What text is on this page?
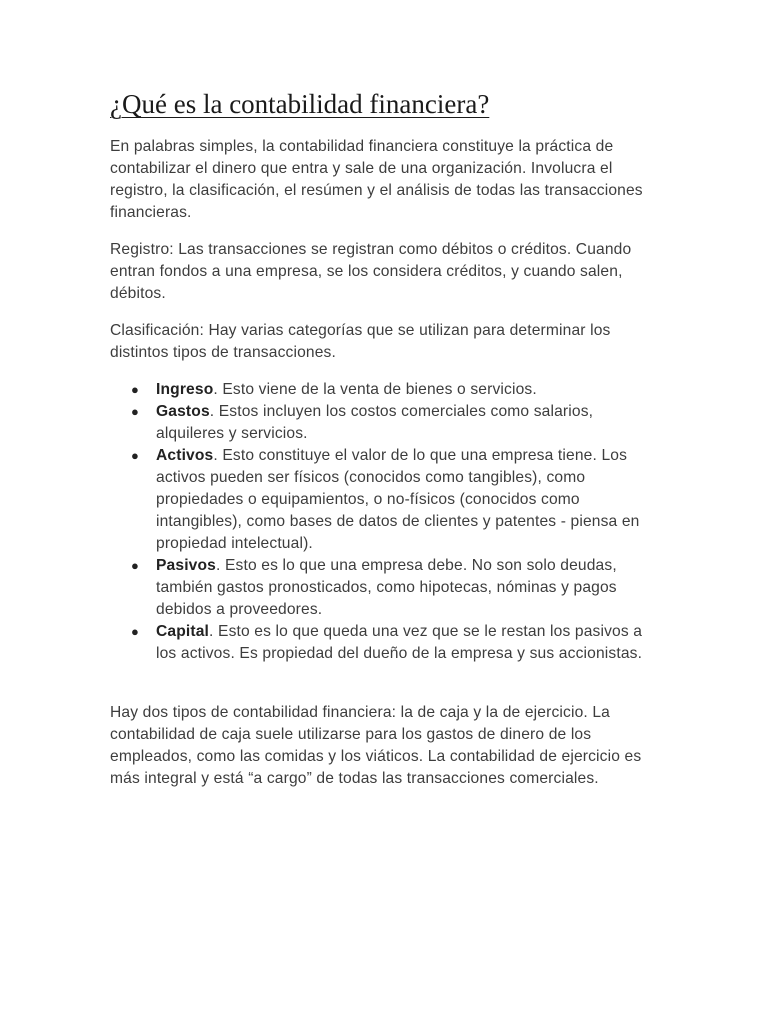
¿Qué es la contabilidad financiera?

En palabras simples, la contabilidad financiera constituye la práctica de contabilizar el dinero que entra y sale de una organización. Involucra el registro, la clasificación, el resúmen y el análisis de todas las transacciones financieras.

Registro: Las transacciones se registran como débitos o créditos. Cuando entran fondos a una empresa, se los considera créditos, y cuando salen, débitos.

Clasificación: Hay varias categorías que se utilizan para determinar los distintos tipos de transacciones.

● Ingreso. Esto viene de la venta de bienes o servicios.
● Gastos. Estos incluyen los costos comerciales como salarios, alquileres y servicios.
● Activos. Esto constituye el valor de lo que una empresa tiene. Los activos pueden ser físicos (conocidos como tangibles), como propiedades o equipamientos, o no-físicos (conocidos como intangibles), como bases de datos de clientes y patentes - piensa en propiedad intelectual).
● Pasivos. Esto es lo que una empresa debe. No son solo deudas, también gastos pronosticados, como hipotecas, nóminas y pagos debidos a proveedores.
● Capital. Esto es lo que queda una vez que se le restan los pasivos a los activos. Es propiedad del dueño de la empresa y sus accionistas.

Hay dos tipos de contabilidad financiera: la de caja y la de ejercicio. La contabilidad de caja suele utilizarse para los gastos de dinero de los empleados, como las comidas y los viáticos. La contabilidad de ejercicio es más integral y está “a cargo” de todas las transacciones comerciales.
